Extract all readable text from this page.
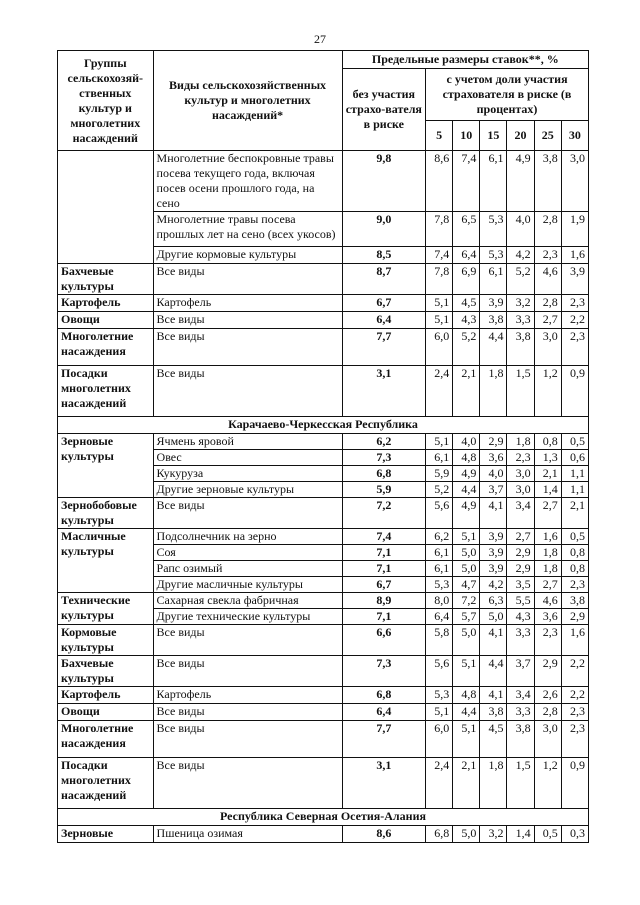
27
Группы сельскохозяй-ственных культур и многолетних насаждений	Виды сельскохозяйственных культур и многолетних насаждений*	Предельные размеры ставок**, %						
		без участия страхо-вателя в риске	с учетом доли участия страхователя в риске (в процентах)					
			5	10	15	20	25	30
	Многолетние беспокровные травы посева текущего года, включая посев осени прошлого года, на сено	9,8	8,6	7,4	6,1	4,9	3,8	3,0
	Многолетние травы посева прошлых лет на сено (всех укосов)	9,0	7,8	6,5	5,3	4,0	2,8	1,9
	Другие кормовые культуры	8,5	7,4	6,4	5,3	4,2	2,3	1,6
Бахчевые культуры	Все виды	8,7	7,8	6,9	6,1	5,2	4,6	3,9
Картофель	Картофель	6,7	5,1	4,5	3,9	3,2	2,8	2,3
Овощи	Все виды	6,4	5,1	4,3	3,8	3,3	2,7	2,2
Многолетние насаждения	Все виды	7,7	6,0	5,2	4,4	3,8	3,0	2,3
Посадки многолетних насаждений	Все виды	3,1	2,4	2,1	1,8	1,5	1,2	0,9
Карачаево-Черкесская Республика								
Зерновые культуры	Ячмень яровой	6,2	5,1	4,0	2,9	1,8	0,8	0,5
	Овес	7,3	6,1	4,8	3,6	2,3	1,3	0,6
	Кукуруза	6,8	5,9	4,9	4,0	3,0	2,1	1,1
	Другие зерновые культуры	5,9	5,2	4,4	3,7	3,0	1,4	1,1
Зернобобовые культуры	Все виды	7,2	5,6	4,9	4,1	3,4	2,7	2,1
Масличные культуры	Подсолнечник на зерно	7,4	6,2	5,1	3,9	2,7	1,6	0,5
	Соя	7,1	6,1	5,0	3,9	2,9	1,8	0,8
	Рапс озимый	7,1	6,1	5,0	3,9	2,9	1,8	0,8
	Другие масличные культуры	6,7	5,3	4,7	4,2	3,5	2,7	2,3
Технические культуры	Сахарная свекла фабричная	8,9	8,0	7,2	6,3	5,5	4,6	3,8
	Другие технические культуры	7,1	6,4	5,7	5,0	4,3	3,6	2,9
Кормовые культуры	Все виды	6,6	5,8	5,0	4,1	3,3	2,3	1,6
Бахчевые культуры	Все виды	7,3	5,6	5,1	4,4	3,7	2,9	2,2
Картофель	Картофель	6,8	5,3	4,8	4,1	3,4	2,6	2,2
Овощи	Все виды	6,4	5,1	4,4	3,8	3,3	2,8	2,3
Многолетние насаждения	Все виды	7,7	6,0	5,1	4,5	3,8	3,0	2,3
Посадки многолетних насаждений	Все виды	3,1	2,4	2,1	1,8	1,5	1,2	0,9
Республика Северная Осетия-Алания								
Зерновые	Пшеница озимая	8,6	6,8	5,0	3,2	1,4	0,5	0,3
